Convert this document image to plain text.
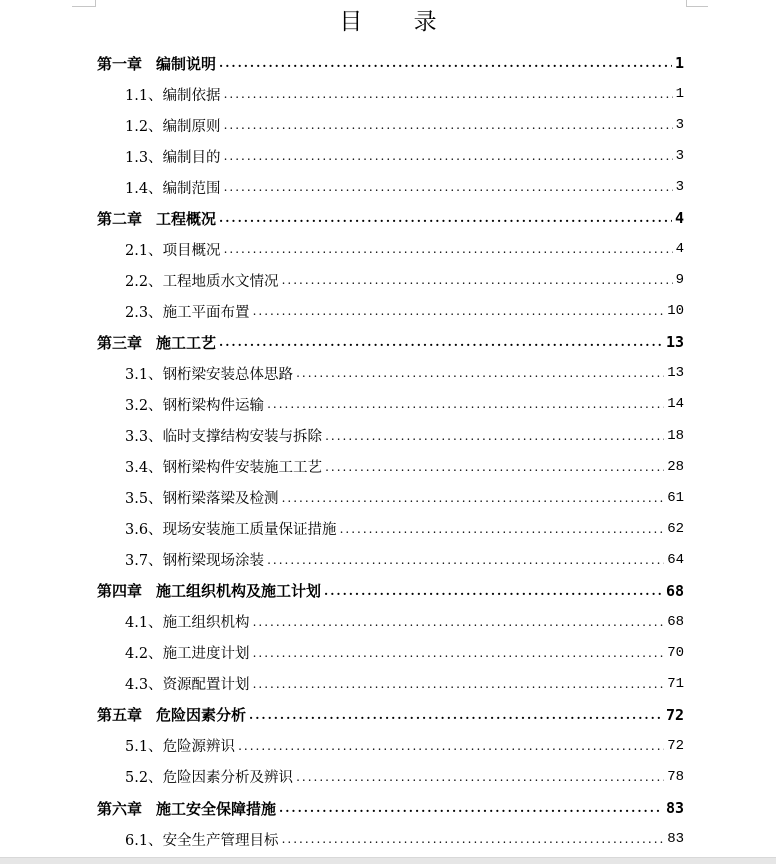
目 录
第一章 编制说明 .....	1
1.1、 编制依据 .....	1
1.2、 编制原则 .....	3
1.3、 编制目的 .....	3
1.4、 编制范围 .....	3
第二章 工程概况 .....	4
2.1、 项目概况 .....	4
2.2、 工程地质水文情况 .....	9
2.3、 施工平面布置 .....	10
第三章 施工工艺 .....	13
3.1、 钢桁梁安装总体思路 .....	13
3.2、 钢桁梁构件运输 .....	14
3.3、 临时支撑结构安装与拆除 .....	18
3.4、 钢桁梁构件安装施工工艺 .....	28
3.5、 钢桁梁落梁及检测 .....	61
3.6、 现场安装施工质量保证措施 .....	62
3.7、 钢桁梁现场涂装 .....	64
第四章 施工组织机构及施工计划 .....	68
4.1、 施工组织机构 .....	68
4.2、 施工进度计划 .....	70
4.3、 资源配置计划 .....	71
第五章 危险因素分析 .....	72
5.1、 危险源辨识 .....	72
5.2、 危险因素分析及辨识 .....	78
第六章 施工安全保障措施 .....	83
6.1、 安全生产管理目标 .....	83
